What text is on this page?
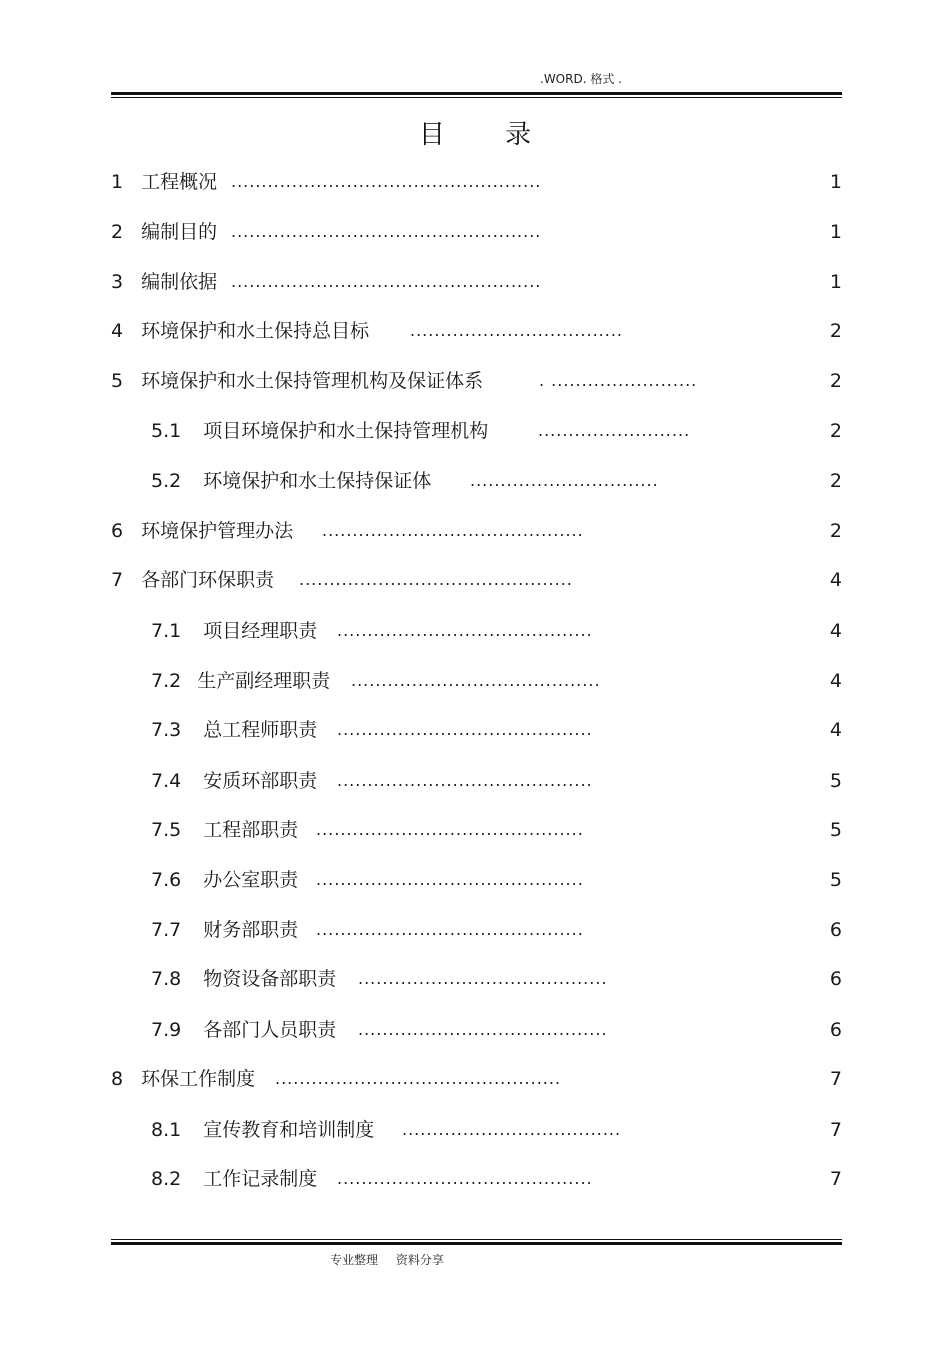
.WORD. 格式 .
目 录
1 工程概况 ...................................................	1
2 编制目的 ...................................................	1
3 编制依据 ...................................................	1
4 环境保护和水土保持总目标	...................................	2
5 环境保护和水土保持管理机构及保证体系	. ........................	2
5.1 项目环境保护和水土保持管理机构	.........................	2
5.2 环境保护和水土保持保证体 ...............................	2
6 环境保护管理办法 ...........................................	2
7 各部门环保职责 .............................................	4
7.1 项目经理职责 ..........................................	4
7.2 生产副经理职责 .........................................	4
7.3 总工程师职责 ..........................................	4
7.4 安质环部职责 ..........................................	5
7.5 工程部职责 ............................................	5
7.6 办公室职责 ............................................	5
7.7 财务部职责 ............................................	6
7.8 物资设备部职责 .........................................	6
7.9 各部门人员职责 .........................................	6
8 环保工作制度 ...............................................	7
8.1 宣传教育和培训制度 ....................................	7
8.2 工作记录制度 ..........................................	7
专业整理 资料分享
